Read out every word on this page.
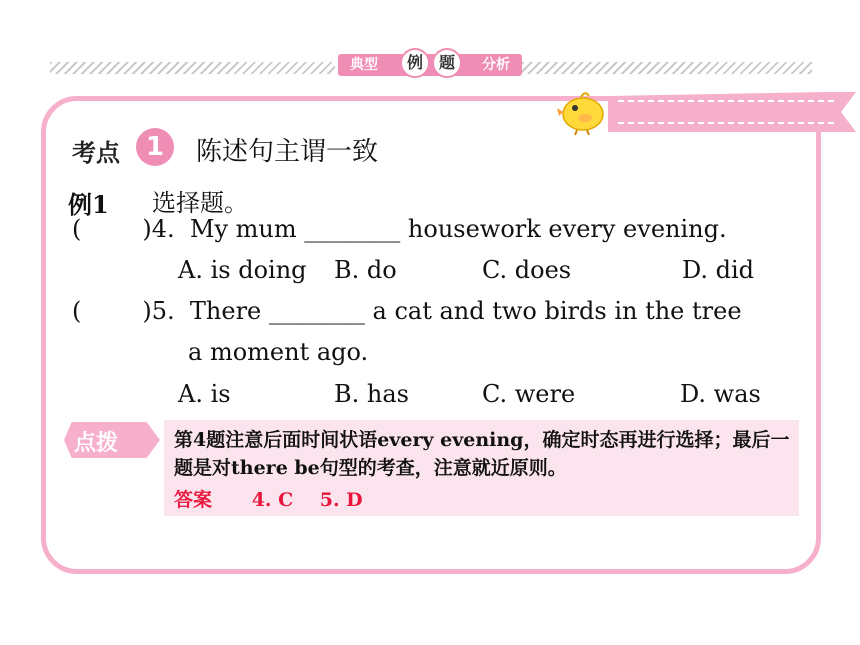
典型	例 题	分析
考点 1	陈述句主谓一致
例1 选择题。
(        )4.  My mum ________ housework every evening.
A. is doing B. do	C. does	D. did
(        )5.  There ________ a cat and two birds in the tree
a moment ago.
A. is	B. has	C. were	D. was
点拨	第4题注意后面时间状语every evening，确定时态再进行选择；最后一题是对there be句型的考查，注意就近原则。
答案      4. C    5. D
